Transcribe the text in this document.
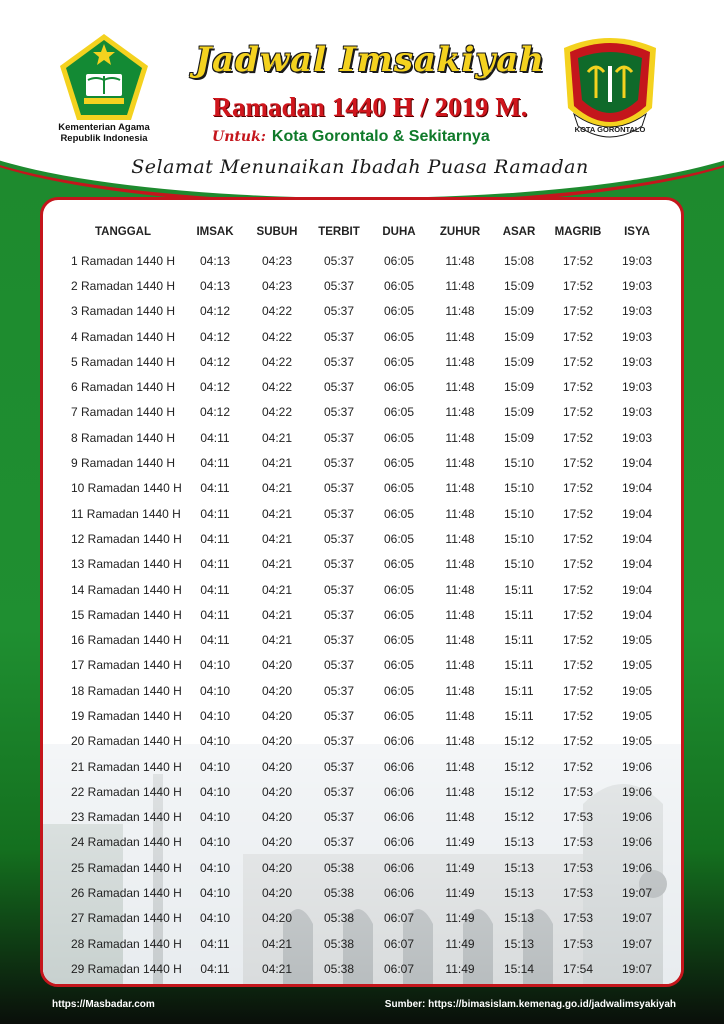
Kementerian Agama
Republik Indonesia
KOTA GORONTALO
Jadwal Imsakiyah
Ramadan 1440 H / 2019 M.
Untuk: Kota Gorontalo & Sekitarnya
Selamat Menunaikan Ibadah Puasa Ramadan
TANGGAL	IMSAK	SUBUH	TERBIT	DUHA	ZUHUR	ASAR	MAGRIB	ISYA
1 Ramadan 1440 H	04:13	04:23	05:37	06:05	11:48	15:08	17:52	19:03
2 Ramadan 1440 H	04:13	04:23	05:37	06:05	11:48	15:09	17:52	19:03
3 Ramadan 1440 H	04:12	04:22	05:37	06:05	11:48	15:09	17:52	19:03
4 Ramadan 1440 H	04:12	04:22	05:37	06:05	11:48	15:09	17:52	19:03
5 Ramadan 1440 H	04:12	04:22	05:37	06:05	11:48	15:09	17:52	19:03
6 Ramadan 1440 H	04:12	04:22	05:37	06:05	11:48	15:09	17:52	19:03
7 Ramadan 1440 H	04:12	04:22	05:37	06:05	11:48	15:09	17:52	19:03
8 Ramadan 1440 H	04:11	04:21	05:37	06:05	11:48	15:09	17:52	19:03
9 Ramadan 1440 H	04:11	04:21	05:37	06:05	11:48	15:10	17:52	19:04
10 Ramadan 1440 H	04:11	04:21	05:37	06:05	11:48	15:10	17:52	19:04
11 Ramadan 1440 H	04:11	04:21	05:37	06:05	11:48	15:10	17:52	19:04
12 Ramadan 1440 H	04:11	04:21	05:37	06:05	11:48	15:10	17:52	19:04
13 Ramadan 1440 H	04:11	04:21	05:37	06:05	11:48	15:10	17:52	19:04
14 Ramadan 1440 H	04:11	04:21	05:37	06:05	11:48	15:11	17:52	19:04
15 Ramadan 1440 H	04:11	04:21	05:37	06:05	11:48	15:11	17:52	19:04
16 Ramadan 1440 H	04:11	04:21	05:37	06:05	11:48	15:11	17:52	19:05
17 Ramadan 1440 H	04:10	04:20	05:37	06:05	11:48	15:11	17:52	19:05
18 Ramadan 1440 H	04:10	04:20	05:37	06:05	11:48	15:11	17:52	19:05
19 Ramadan 1440 H	04:10	04:20	05:37	06:05	11:48	15:11	17:52	19:05
20 Ramadan 1440 H	04:10	04:20	05:37	06:06	11:48	15:12	17:52	19:05
21 Ramadan 1440 H	04:10	04:20	05:37	06:06	11:48	15:12	17:52	19:06
22 Ramadan 1440 H	04:10	04:20	05:37	06:06	11:48	15:12	17:53	19:06
23 Ramadan 1440 H	04:10	04:20	05:37	06:06	11:48	15:12	17:53	19:06
24 Ramadan 1440 H	04:10	04:20	05:37	06:06	11:49	15:13	17:53	19:06
25 Ramadan 1440 H	04:10	04:20	05:38	06:06	11:49	15:13	17:53	19:06
26 Ramadan 1440 H	04:10	04:20	05:38	06:06	11:49	15:13	17:53	19:07
27 Ramadan 1440 H	04:10	04:20	05:38	06:07	11:49	15:13	17:53	19:07
28 Ramadan 1440 H	04:11	04:21	05:38	06:07	11:49	15:13	17:53	19:07
29 Ramadan 1440 H	04:11	04:21	05:38	06:07	11:49	15:14	17:54	19:07
https://Masbadar.com	Sumber: https://bimasislam.kemenag.go.id/jadwalimsyakiyah
